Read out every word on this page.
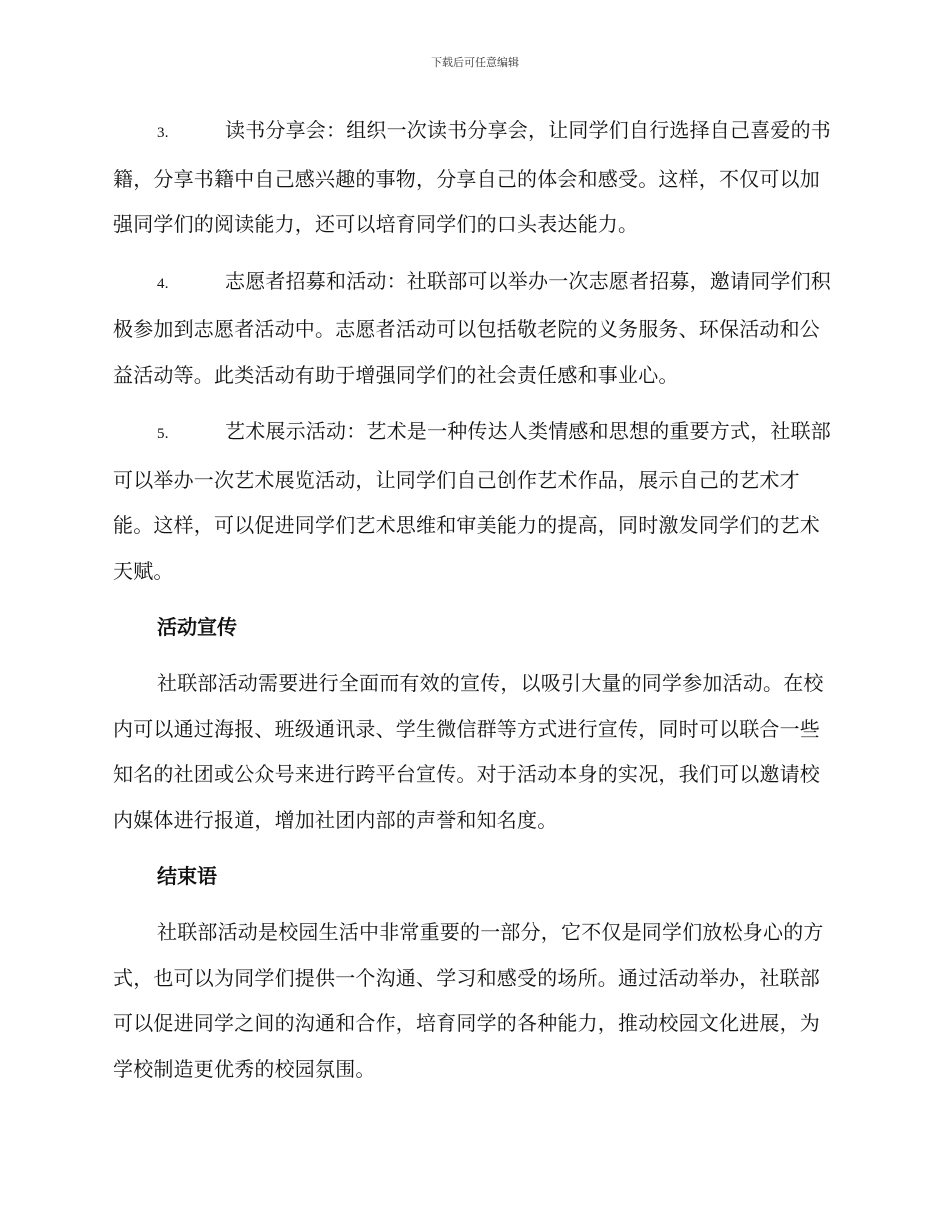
下载后可任意编辑

3.	读书分享会：组织一次读书分享会，让同学们自行选择自己喜爱的书籍，分享书籍中自己感兴趣的事物，分享自己的体会和感受。这样，不仅可以加强同学们的阅读能力，还可以培育同学们的口头表达能力。

4.	志愿者招募和活动：社联部可以举办一次志愿者招募，邀请同学们积极参加到志愿者活动中。志愿者活动可以包括敬老院的义务服务、环保活动和公益活动等。此类活动有助于增强同学们的社会责任感和事业心。

5.	艺术展示活动：艺术是一种传达人类情感和思想的重要方式，社联部可以举办一次艺术展览活动，让同学们自己创作艺术作品，展示自己的艺术才能。这样，可以促进同学们艺术思维和审美能力的提高，同时激发同学们的艺术天赋。

活动宣传

社联部活动需要进行全面而有效的宣传，以吸引大量的同学参加活动。在校内可以通过海报、班级通讯录、学生微信群等方式进行宣传，同时可以联合一些知名的社团或公众号来进行跨平台宣传。对于活动本身的实况，我们可以邀请校内媒体进行报道，增加社团内部的声誉和知名度。

结束语

社联部活动是校园生活中非常重要的一部分，它不仅是同学们放松身心的方式，也可以为同学们提供一个沟通、学习和感受的场所。通过活动举办，社联部可以促进同学之间的沟通和合作，培育同学的各种能力，推动校园文化进展，为学校制造更优秀的校园氛围。
